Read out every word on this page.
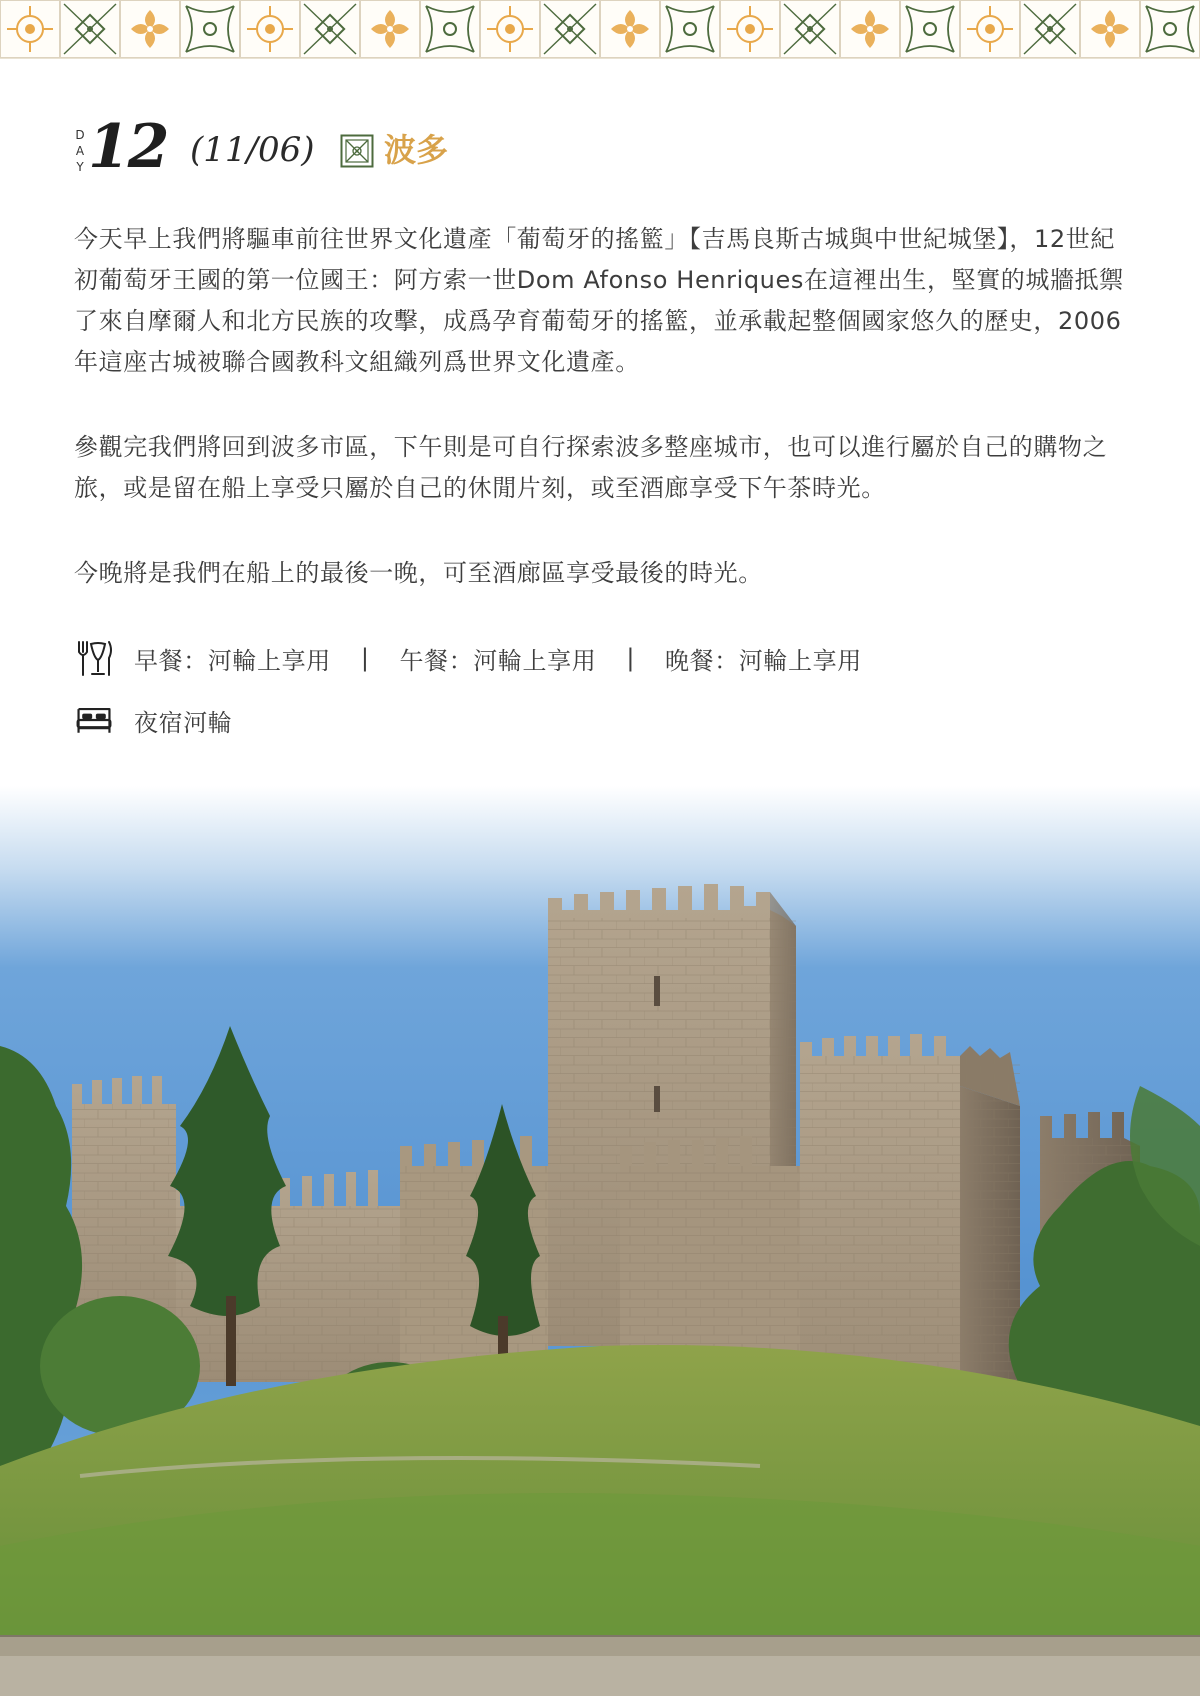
D
A
Y 12 (11/06) 波多

今天早上我們將驅車前往世界文化遺產「葡萄牙的搖籃」【吉馬良斯古城與中世紀城堡】，12世紀初葡萄牙王國的第一位國王：阿方索一世Dom Afonso Henriques在這裡出生，堅實的城牆抵禦了來自摩爾人和北方民族的攻擊，成爲孕育葡萄牙的搖籃，並承載起整個國家悠久的歷史，2006年這座古城被聯合國教科文組織列爲世界文化遺產。

參觀完我們將回到波多市區，下午則是可自行探索波多整座城市，也可以進行屬於自己的購物之旅，或是留在船上享受只屬於自己的休閒片刻，或至酒廊享受下午茶時光。

今晚將是我們在船上的最後一晚，可至酒廊區享受最後的時光。

早餐：河輪上享用 | 午餐：河輪上享用 | 晚餐：河輪上享用
夜宿河輪
